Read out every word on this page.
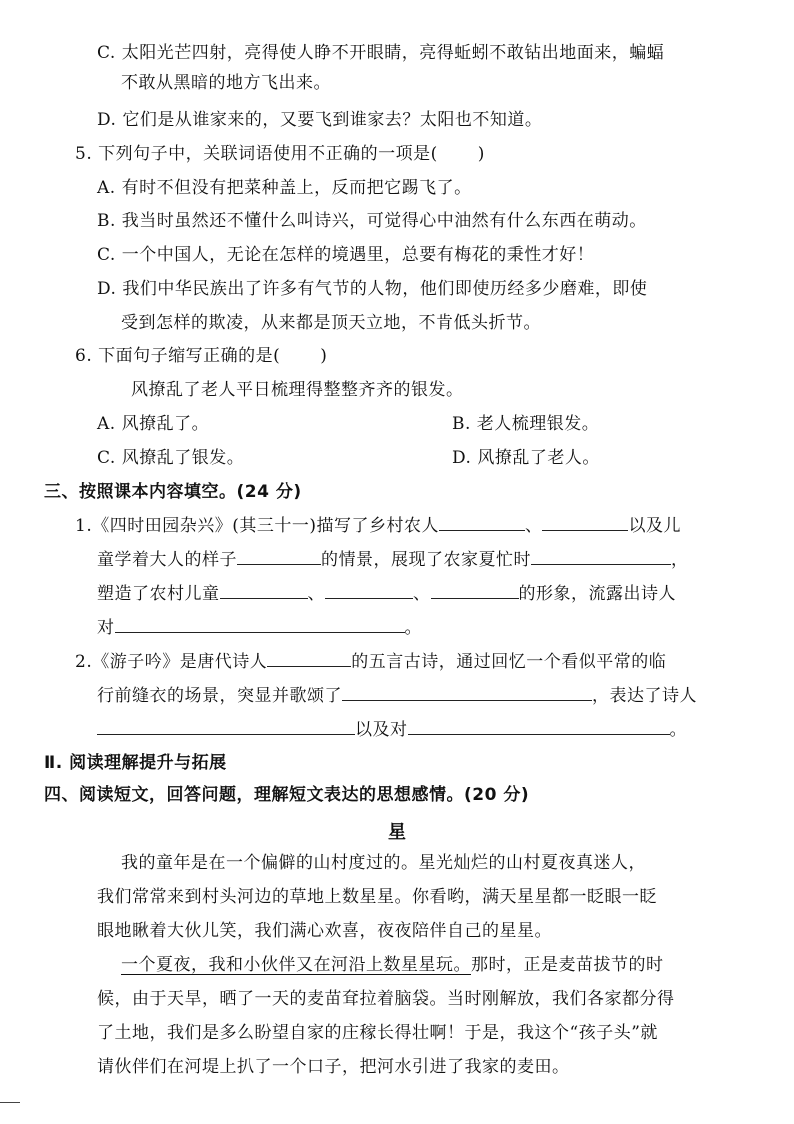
C. 太阳光芒四射，亮得使人睁不开眼睛，亮得蚯蚓不敢钻出地面来，蝙蝠
不敢从黑暗的地方飞出来。
D. 它们是从谁家来的，又要飞到谁家去？太阳也不知道。
5. 下列句子中，关联词语使用不正确的一项是( )
A. 有时不但没有把菜种盖上，反而把它踢飞了。
B. 我当时虽然还不懂什么叫诗兴，可觉得心中油然有什么东西在萌动。
C. 一个中国人，无论在怎样的境遇里，总要有梅花的秉性才好！
D. 我们中华民族出了许多有气节的人物，他们即使历经多少磨难，即使
受到怎样的欺凌，从来都是顶天立地，不肯低头折节。
6. 下面句子缩写正确的是( )
风撩乱了老人平日梳理得整整齐齐的银发。
A. 风撩乱了。	B. 老人梳理银发。
C. 风撩乱了银发。	D. 风撩乱了老人。
三、按照课本内容填空。(24 分)
1.《四时田园杂兴》(其三十一)描写了乡村农人	、	以及儿
童学着大人的样子	的情景，展现了农家夏忙时	，
塑造了农村儿童	、	、	的形象，流露出诗人
对	。
2.《游子吟》是唐代诗人	的五言古诗，通过回忆一个看似平常的临
行前缝衣的场景，突显并歌颂了	，表达了诗人
以及对	。
Ⅱ. 阅读理解提升与拓展
四、阅读短文，回答问题，理解短文表达的思想感情。(20 分)
星
我的童年是在一个偏僻的山村度过的。星光灿烂的山村夏夜真迷人，
我们常常来到村头河边的草地上数星星。你看哟，满天星星都一眨眼一眨
眼地瞅着大伙儿笑，我们满心欢喜，夜夜陪伴自己的星星。
一个夏夜，我和小伙伴又在河沿上数星星玩。那时，正是麦苗拔节的时
候，由于天旱，晒了一天的麦苗耷拉着脑袋。当时刚解放，我们各家都分得
了土地，我们是多么盼望自家的庄稼长得壮啊！于是，我这个“孩子头”就
请伙伴们在河堤上扒了一个口子，把河水引进了我家的麦田。
